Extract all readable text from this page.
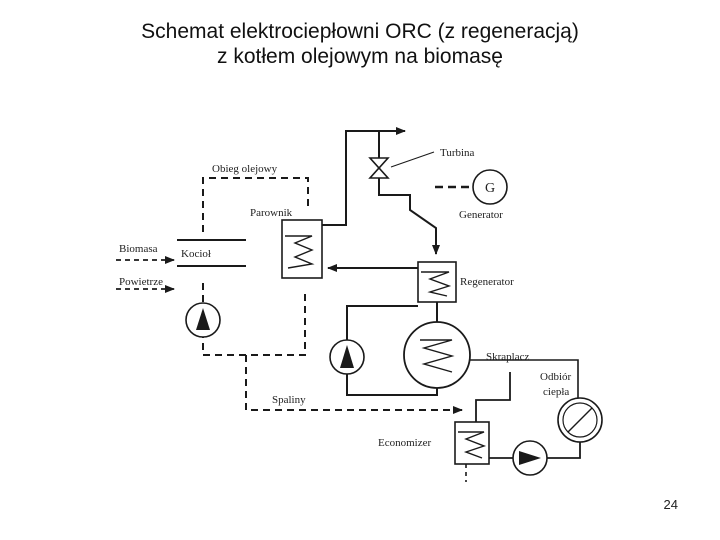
Schemat elektrociepłowni ORC (z regeneracją)
z kotłem olejowym na biomasę
Turbina
G
Generator
Obieg olejowy
Parownik
Kocioł
Biomasa
Powietrze	Regenerator
Skraplacz
Spaliny
Economizer
Odbiór
ciepła
24
